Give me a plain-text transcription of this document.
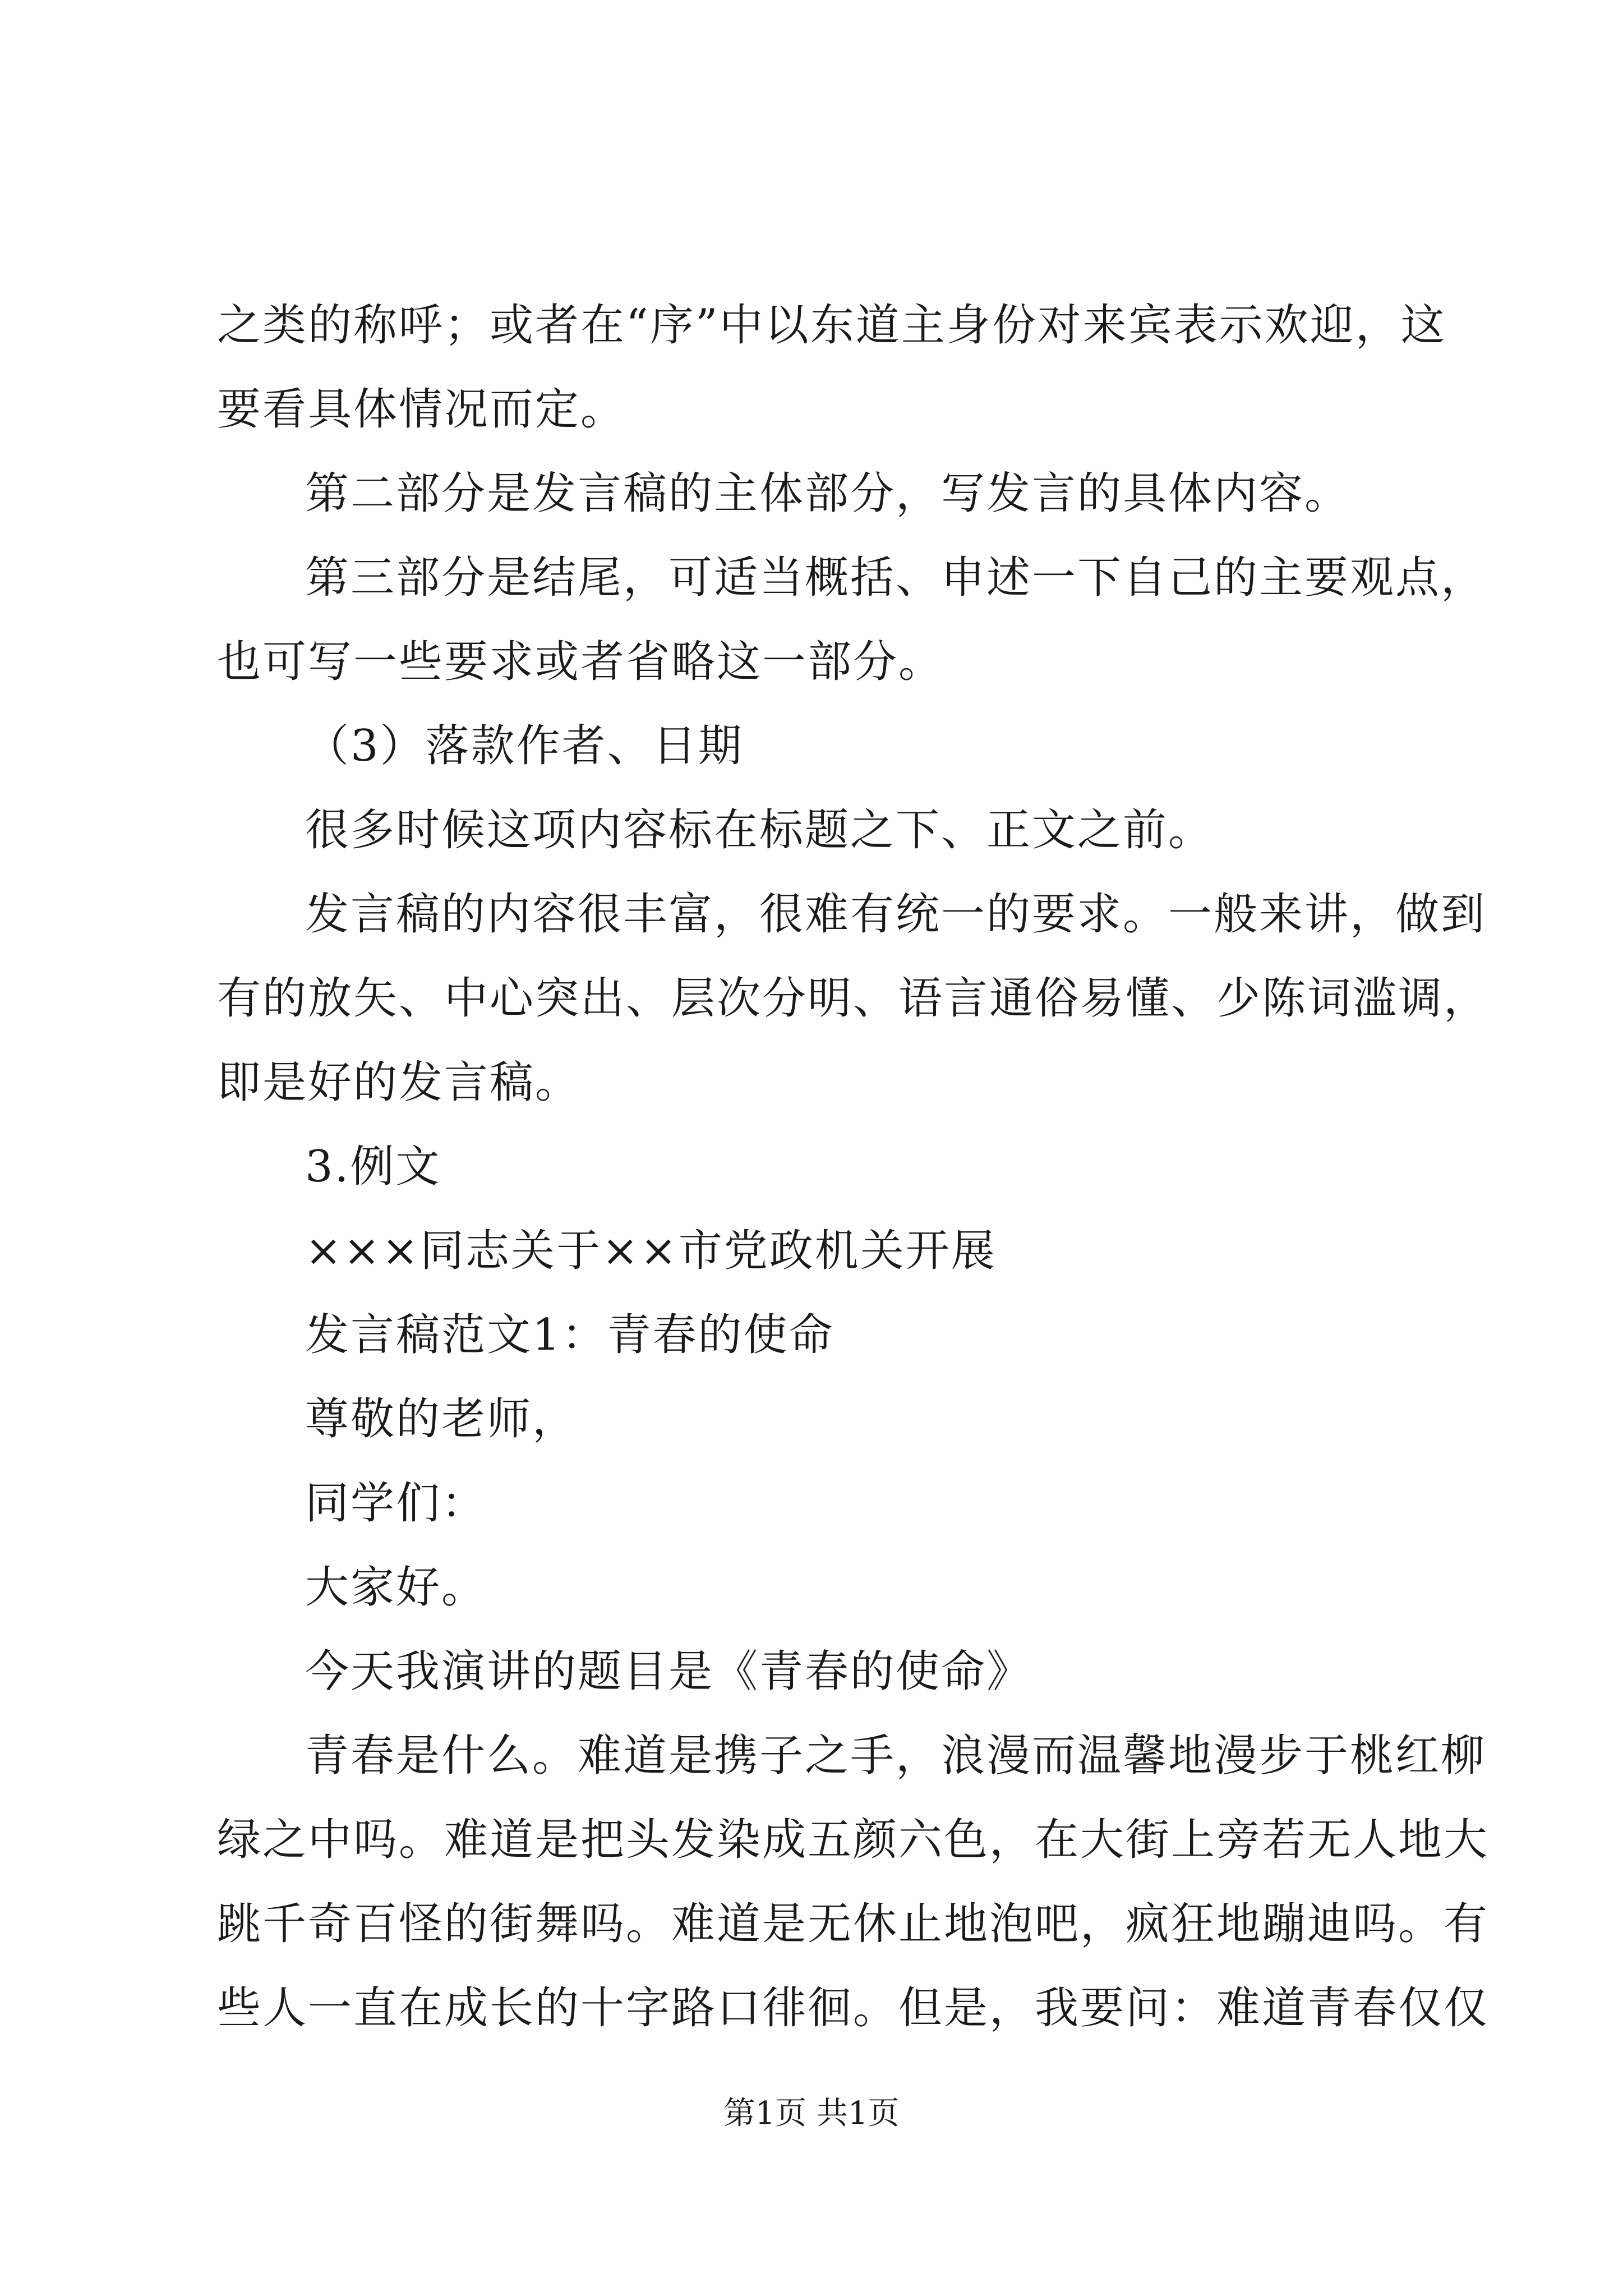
之类的称呼；或者在“序”中以东道主身份对来宾表示欢迎，这
要看具体情况而定。
第二部分是发言稿的主体部分，写发言的具体内容。
第三部分是结尾，可适当概括、申述一下自己的主要观点，
也可写一些要求或者省略这一部分。
（3）落款作者、日期
很多时候这项内容标在标题之下、正文之前。
发言稿的内容很丰富，很难有统一的要求。一般来讲，做到
有的放矢、中心突出、层次分明、语言通俗易懂、少陈词滥调，
即是好的发言稿。
3.例文
×××同志关于××市党政机关开展
发言稿范文1：青春的使命
尊敬的老师，
同学们：
大家好。
今天我演讲的题目是《青春的使命》
青春是什么。难道是携子之手，浪漫而温馨地漫步于桃红柳
绿之中吗。难道是把头发染成五颜六色，在大街上旁若无人地大
跳千奇百怪的街舞吗。难道是无休止地泡吧，疯狂地蹦迪吗。有
些人一直在成长的十字路口徘徊。但是，我要问：难道青春仅仅
第1页 共1页
